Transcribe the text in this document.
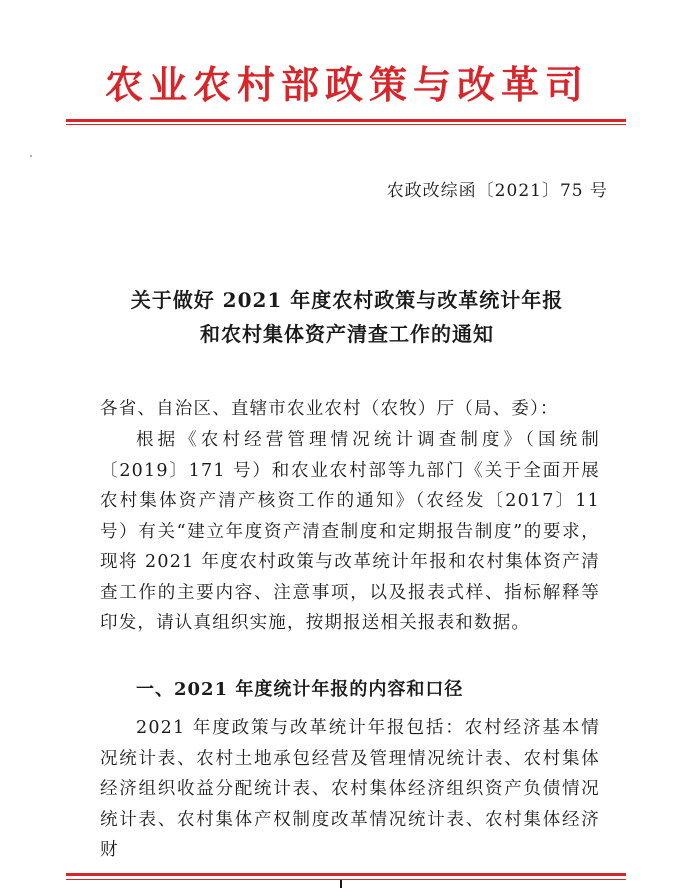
农业农村部政策与改革司
农政改综函〔2021〕75 号
关于做好 2021 年度农村政策与改革统计年报
和农村集体资产清查工作的通知
各省、自治区、直辖市农业农村（农牧）厅（局、委）：
根据《农村经营管理情况统计调查制度》（国统制〔2019〕171 号）和农业农村部等九部门《关于全面开展农村集体资产清产核资工作的通知》（农经发〔2017〕11 号）有关“建立年度资产清查制度和定期报告制度”的要求，现将 2021 年度农村政策与改革统计年报和农村集体资产清查工作的主要内容、注意事项，以及报表式样、指标解释等印发，请认真组织实施，按期报送相关报表和数据。
一、2021 年度统计年报的内容和口径
2021 年度政策与改革统计年报包括：农村经济基本情况统计表、农村土地承包经营及管理情况统计表、农村集体经济组织收益分配统计表、农村集体经济组织资产负债情况统计表、农村集体产权制度改革情况统计表、农村集体经济财
